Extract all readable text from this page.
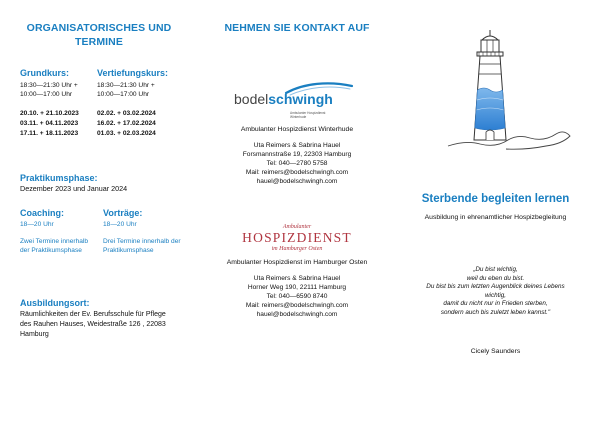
ORGANISATORISCHES UND
TERMINE
Grundkurs:
18:30—21:30 Uhr +
10:00—17:00 Uhr
20.10. + 21.10.2023
03.11. + 04.11.2023
17.11. + 18.11.2023
Vertiefungskurs:
18:30—21:30 Uhr +
10:00—17:00 Uhr
02.02. + 03.02.2024
16.02. + 17.02.2024
01.03. + 02.03.2024
Praktikumsphase:
Dezember 2023 und Januar 2024
Coaching:
18—20 Uhr
Zwei Termine innerhalb
der Praktikumsphase
Vorträge:
18—20 Uhr
Drei Termine innerhalb der
Praktikumsphase
Ausbildungsort:
Räumlichkeiten der Ev. Berufsschule für Pflege
des Rauhen Hauses, Weidestraße 126 , 22083
Hamburg
NEHMEN SIE KONTAKT AUF
bodelschwingh
Ambulanter Hospizdienst
Winterhude
Ambulanter Hospizdienst Winterhude
Uta Reimers & Sabrina Hauel
Forsmannstraße 19, 22303 Hamburg
Tel: 040—2780 5758
Mail: reimers@bodelschwingh.com
hauel@bodelschwingh.com
Ambulanter
HOSPIZDIENST
im Hamburger Osten
Ambulanter Hospizdienst im Hamburger Osten
Uta Reimers & Sabrina Hauel
Horner Weg 190, 22111 Hamburg
Tel: 040—6590 8740
Mail: reimers@bodelschwingh.com
hauel@bodelschwingh.com
Sterbende begleiten lernen
Ausbildung in ehrenamtlicher Hospizbegleitung
„Du bist wichtig,
weil du eben du bist.
Du bist bis zum letzten Augenblick deines Lebens
wichtig,
damit du nicht nur in Frieden sterben,
sondern auch bis zuletzt leben kannst."
Cicely Saunders
